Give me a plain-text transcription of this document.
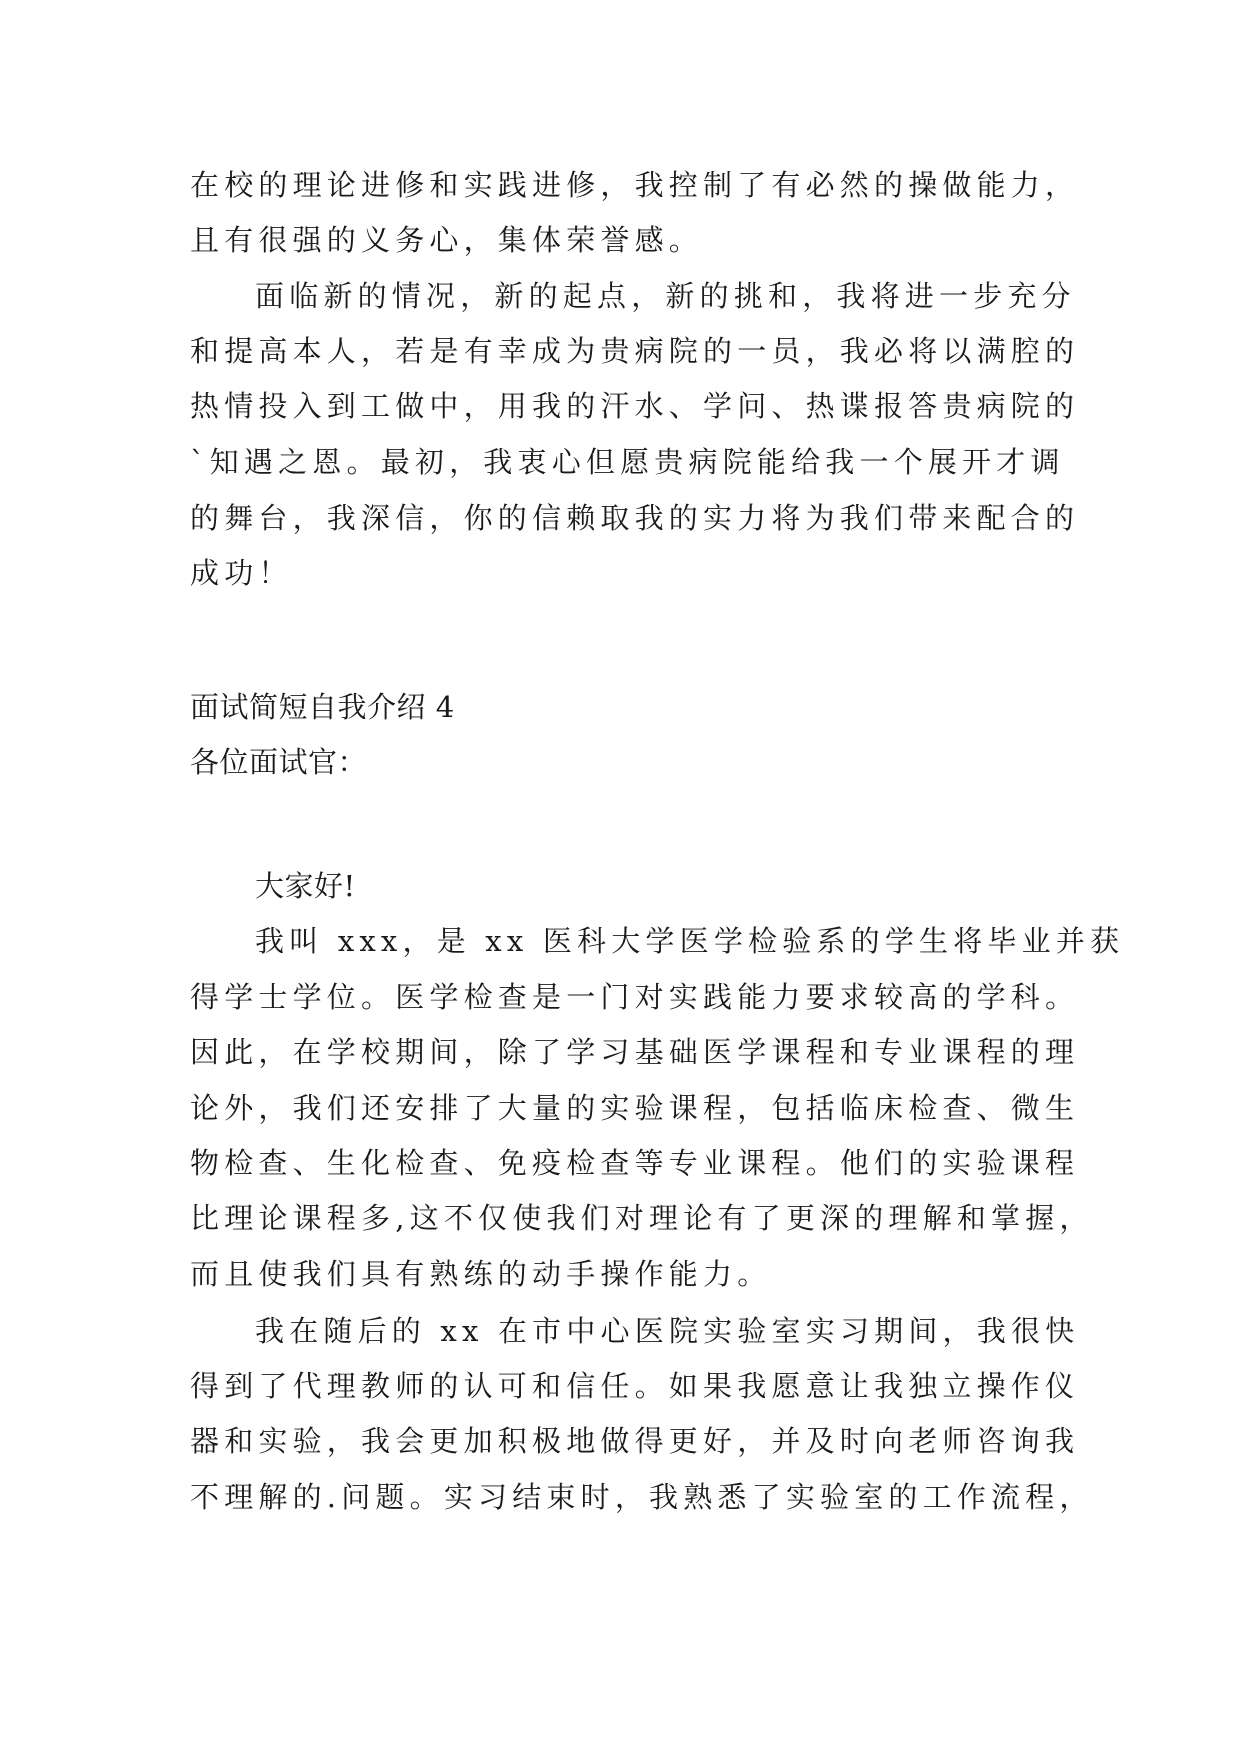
在校的理论进修和实践进修，我控制了有必然的操做能力，
且有很强的义务心，集体荣誉感。
面临新的情况，新的起点，新的挑和，我将进一步充分
和提高本人，若是有幸成为贵病院的一员，我必将以满腔的
热情投入到工做中，用我的汗水、学问、热谍报答贵病院的
`知遇之恩。最初，我衷心但愿贵病院能给我一个展开才调
的舞台，我深信，你的信赖取我的实力将为我们带来配合的
成功！
面试简短自我介绍 4
各位面试官：
大家好!
我叫 xxx，是 xx 医科大学医学检验系的学生将毕业并获
得学士学位。医学检查是一门对实践能力要求较高的学科。
因此，在学校期间，除了学习基础医学课程和专业课程的理
论外，我们还安排了大量的实验课程，包括临床检查、微生
物检查、生化检查、免疫检查等专业课程。他们的实验课程
比理论课程多,这不仅使我们对理论有了更深的理解和掌握，
而且使我们具有熟练的动手操作能力。
我在随后的 xx 在市中心医院实验室实习期间，我很快
得到了代理教师的认可和信任。如果我愿意让我独立操作仪
器和实验，我会更加积极地做得更好，并及时向老师咨询我
不理解的.问题。实习结束时，我熟悉了实验室的工作流程，
